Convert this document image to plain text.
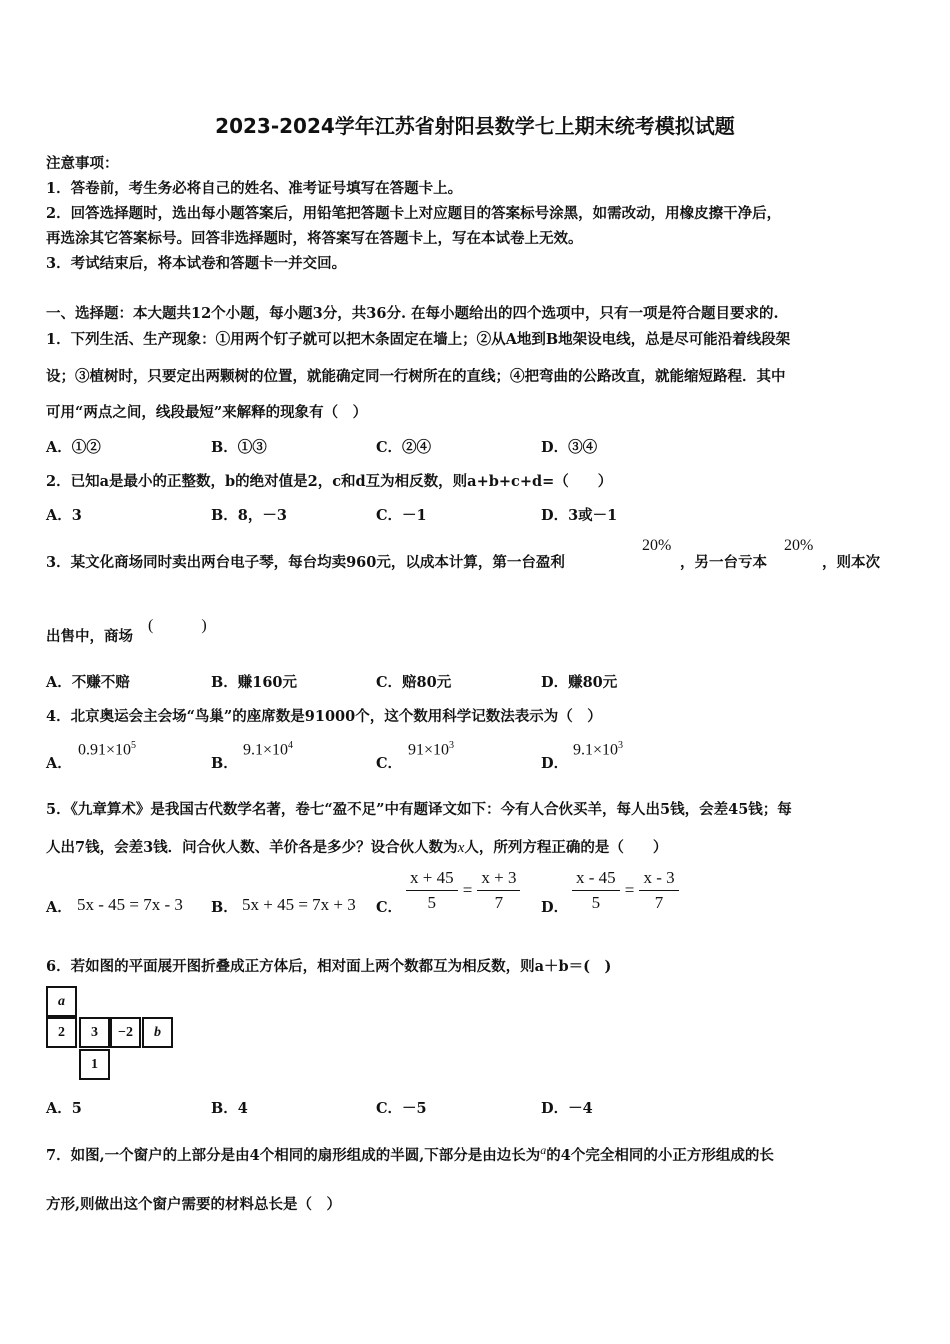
2023-2024学年江苏省射阳县数学七上期末统考模拟试题
注意事项：
1．答卷前，考生务必将自己的姓名、准考证号填写在答题卡上。
2．回答选择题时，选出每小题答案后，用铅笔把答题卡上对应题目的答案标号涂黑，如需改动，用橡皮擦干净后，
再选涂其它答案标号。回答非选择题时，将答案写在答题卡上，写在本试卷上无效。
3．考试结束后，将本试卷和答题卡一并交回。
一、选择题：本大题共12个小题，每小题3分，共36分. 在每小题给出的四个选项中，只有一项是符合题目要求的.
1．下列生活、生产现象：①用两个钉子就可以把木条固定在墙上；②从A地到B地架设电线，总是尽可能沿着线段架
设；③植树时，只要定出两颗树的位置，就能确定同一行树所在的直线；④把弯曲的公路改直，就能缩短路程．其中
可用“两点之间，线段最短”来解释的现象有（　）
A．①②	B．①③	C．②④	D．③④
2．已知a是最小的正整数，b的绝对值是2，c和d互为相反数，则a+b+c+d=（　　）
A．3	B．8，－3	C．－1	D．3或－1
3．某文化商场同时卖出两台电子琴，每台均卖960元，以成本计算，第一台盈利
20%
，另一台亏本
20%
，则本次
出售中，商场
(　　　)
A．不赚不赔	B．赚160元	C．赔80元	D．赚80元
4．北京奥运会主会场“鸟巢”的座席数是91000个，这个数用科学记数法表示为（　）
A．
$0.91\times 10^5$
B．
$9.1\times 10^4$
C．
$91\times 10^3$
D．
$9.1\times 10^3$
5．《九章算术》是我国古代数学名著，卷七“盈不足”中有题译文如下：今有人合伙买羊，每人出5钱，会差45钱；每
人出7钱，会差3钱．问合伙人数、羊价各是多少？设合伙人数为x人，所列方程正确的是（　　）
A． 5x - 45 = 7x - 3 B． 5x + 45 = 7x + 3 C． $\frac{x + 45}{5} = \frac{x + 3}{7}$ D． $\frac{x - 45}{5} = \frac{x - 3}{7}$
6．若如图的平面展开图折叠成正方体后，相对面上两个数都互为相反数，则a＋b＝(　)
a
2	3	−2	b
1
A．5	B．4	C．－5	D．－4
7．如图,一个窗户的上部分是由4个相同的扇形组成的半圆,下部分是由边长为$^a$的4个完全相同的小正方形组成的长
方形,则做出这个窗户需要的材料总长是（　）
